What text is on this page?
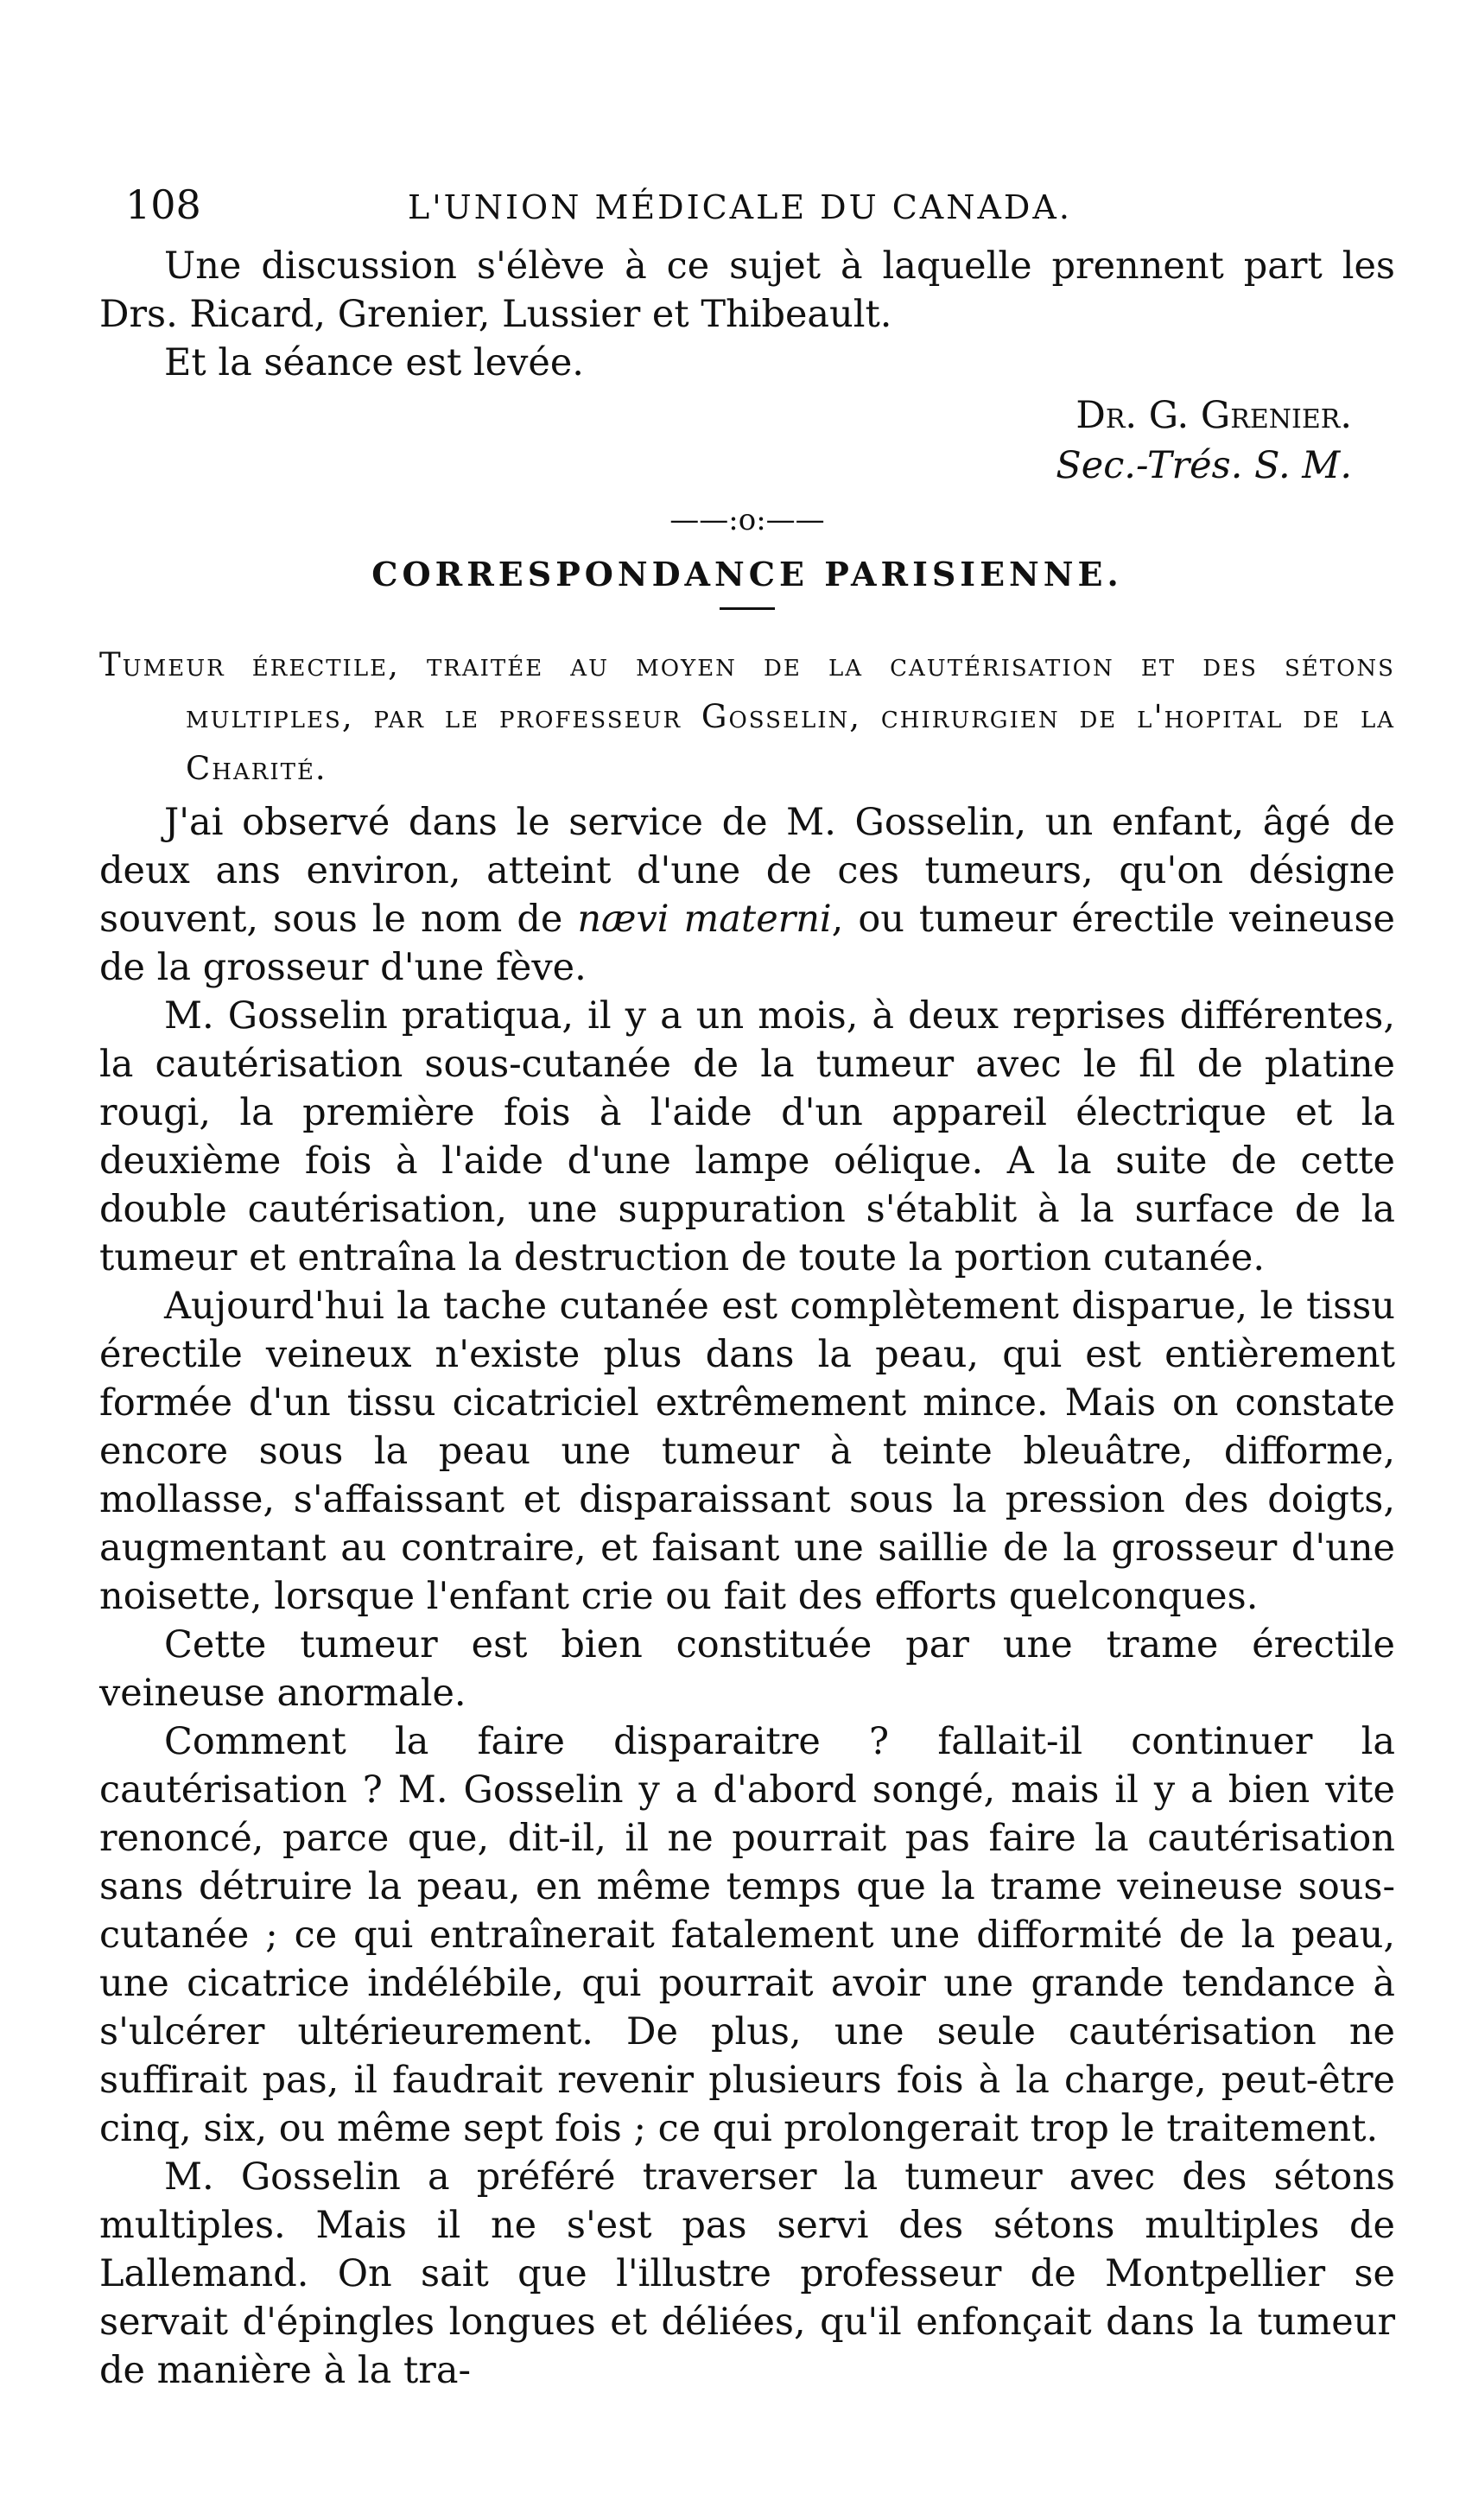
108	L'UNION MÉDICALE DU CANADA.

Une discussion s'élève à ce sujet à laquelle prennent part les Drs. Ricard, Grenier, Lussier et Thibeault.

Et la séance est levée.

Dr. G. Grenier.

Sec.-Trés. S. M.

——:o:——
CORRESPONDANCE PARISIENNE.

Tumeur érectile, traitée au moyen de la cautérisation et des sétons multiples, par le professeur Gosselin, chirurgien de l'hopital de la Charité.

J'ai observé dans le service de M. Gosselin, un enfant, âgé de deux ans environ, atteint d'une de ces tumeurs, qu'on désigne souvent, sous le nom de nævi materni, ou tumeur érectile veineuse de la grosseur d'une fève.

M. Gosselin pratiqua, il y a un mois, à deux reprises différentes, la cautérisation sous-cutanée de la tumeur avec le fil de platine rougi, la première fois à l'aide d'un appareil électrique et la deuxième fois à l'aide d'une lampe oélique. A la suite de cette double cautérisation, une suppuration s'établit à la surface de la tumeur et entraîna la destruction de toute la portion cutanée.

Aujourd'hui la tache cutanée est complètement disparue, le tissu érectile veineux n'existe plus dans la peau, qui est entièrement formée d'un tissu cicatriciel extrêmement mince. Mais on constate encore sous la peau une tumeur à teinte bleuâtre, difforme, mollasse, s'affaissant et disparaissant sous la pression des doigts, augmentant au contraire, et faisant une saillie de la grosseur d'une noisette, lorsque l'enfant crie ou fait des efforts quelconques.

Cette tumeur est bien constituée par une trame érectile veineuse anormale.

Comment la faire disparaitre ? fallait-il continuer la cautérisation ? M. Gosselin y a d'abord songé, mais il y a bien vite renoncé, parce que, dit-il, il ne pourrait pas faire la cautérisation sans détruire la peau, en même temps que la trame veineuse sous-cutanée ; ce qui entraînerait fatalement une difformité de la peau, une cicatrice indélébile, qui pourrait avoir une grande tendance à s'ulcérer ultérieurement. De plus, une seule cautérisation ne suffirait pas, il faudrait revenir plusieurs fois à la charge, peut-être cinq, six, ou même sept fois ; ce qui prolongerait trop le traitement.

M. Gosselin a préféré traverser la tumeur avec des sétons multiples. Mais il ne s'est pas servi des sétons multiples de Lallemand. On sait que l'illustre professeur de Montpellier se servait d'épingles longues et déliées, qu'il enfonçait dans la tumeur de manière à la tra-
